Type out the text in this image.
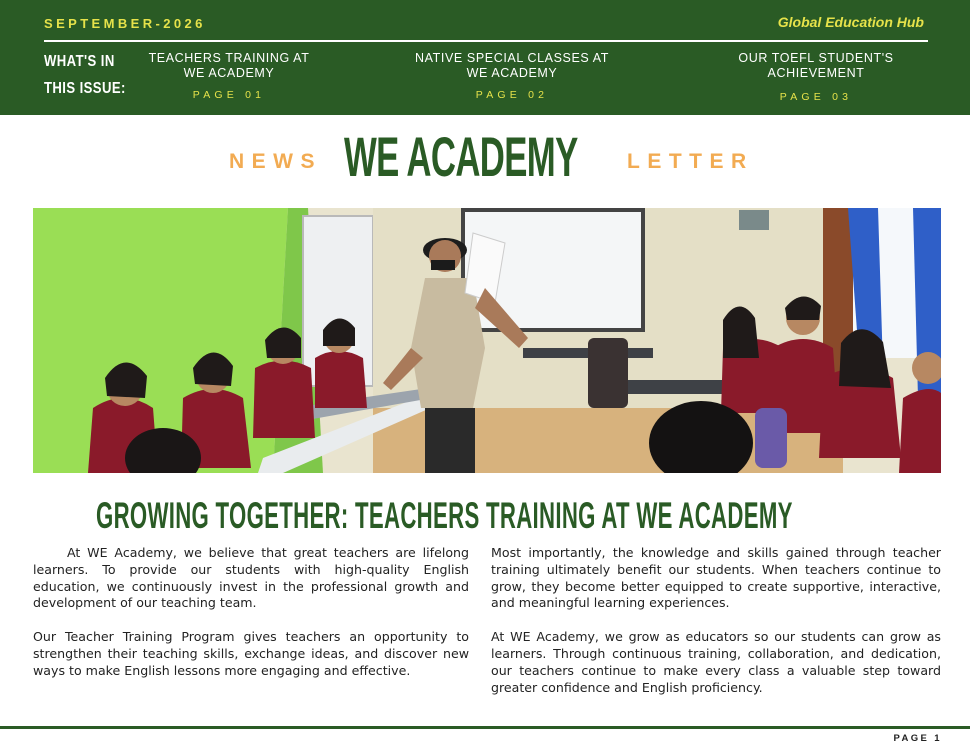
SEPTEMBER-2026	Global Education Hub
WHAT'S IN
THIS ISSUE:
TEACHERS TRAINING AT
WE ACADEMY
PAGE 01
NATIVE SPECIAL CLASSES AT
WE ACADEMY
PAGE 02
OUR TOEFL STUDENT'S
ACHIEVEMENT
PAGE 03
NEWS WE ACADEMY LETTER
GROWING TOGETHER: TEACHERS TRAINING AT WE ACADEMY

At WE Academy, we believe that great teachers are lifelong learners. To provide our students with high-quality English education, we continuously invest in the professional growth and development of our teaching team.

Our Teacher Training Program gives teachers an opportunity to strengthen their teaching skills, exchange ideas, and discover new ways to make English lessons more engaging and effective.

Most importantly, the knowledge and skills gained through teacher training ultimately benefit our students. When teachers continue to grow, they become better equipped to create supportive, interactive, and meaningful learning experiences.

At WE Academy, we grow as educators so our students can grow as learners. Through continuous training, collaboration, and dedication, our teachers continue to make every class a valuable step toward greater confidence and English proficiency.

PAGE 1
